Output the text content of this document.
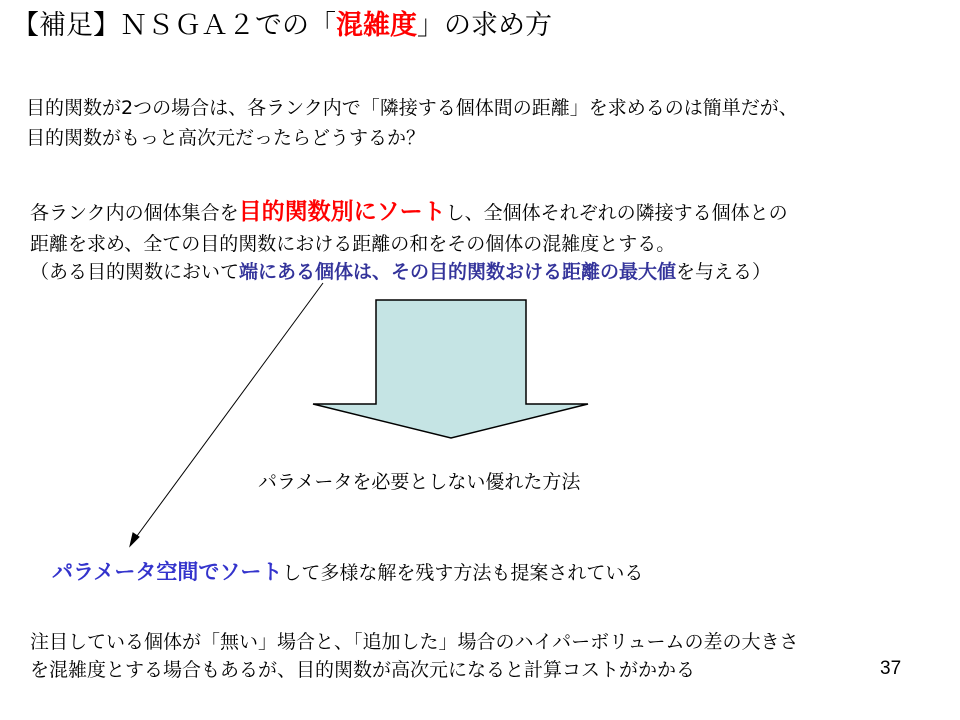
【補足】ＮＳＧＡ２での「混雑度」の求め方
目的関数が2つの場合は、各ランク内で「隣接する個体間の距離」を求めるのは簡単だが、
目的関数がもっと高次元だったらどうするか？
各ランク内の個体集合を目的関数別にソートし、全個体それぞれの隣接する個体との
距離を求め、全ての目的関数における距離の和をその個体の混雑度とする。
（ある目的関数において端にある個体は、その目的関数おける距離の最大値を与える）
パラメータを必要としない優れた方法
パラメータ空間でソートして多様な解を残す方法も提案されている
注目している個体が「無い」場合と、「追加した」場合のハイパーボリュームの差の大きさ
を混雑度とする場合もあるが、目的関数が高次元になると計算コストがかかる	37
